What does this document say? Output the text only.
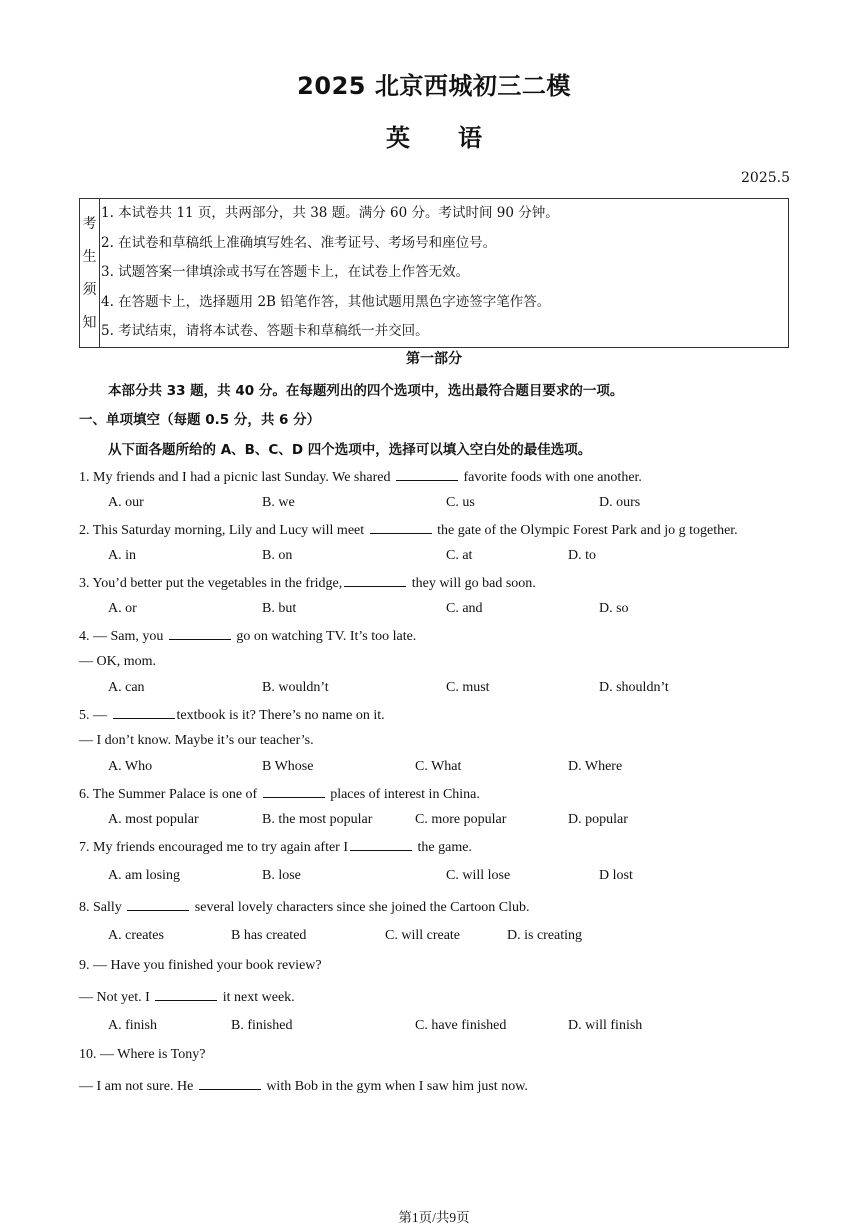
2025 北京西城初三二模
英语
2025.5
考
生
须
知
1. 本试卷共 11 页，共两部分，共 38 题。满分 60 分。考试时间 90 分钟。
2. 在试卷和草稿纸上准确填写姓名、准考证号、考场号和座位号。
3. 试题答案一律填涂或书写在答题卡上，在试卷上作答无效。
4. 在答题卡上，选择题用 2B 铅笔作答，其他试题用黑色字迹签字笔作答。
5. 考试结束，请将本试卷、答题卡和草稿纸一并交回。
第一部分
本部分共 33 题，共 40 分。在每题列出的四个选项中，选出最符合题目要求的一项。
一、单项填空（每题 0.5 分，共 6 分）
从下面各题所给的 A、B、C、D 四个选项中，选择可以填入空白处的最佳选项。
1. My friends and I had a picnic last Sunday. We shared	favorite foods with one another.
A. our	B. we	C. us	D. ours
2. This Saturday morning, Lily and Lucy will meet	the gate of the Olympic Forest Park and jo g together.
A. in	B. on	C. at	D. to
3. You’d better put the vegetables in the fridge,	they will go bad soon.
A. or	B. but	C. and	D. so
4. — Sam, you	go on watching TV. It’s too late.
— OK, mom.
A. can	B. wouldn’t	C. must	D. shouldn’t
5. —	textbook is it? There’s no name on it.
— I don’t know. Maybe it’s our teacher’s.
A. Who	B Whose	C. What	D. Where
6. The Summer Palace is one of	places of interest in China.
A. most popular	B. the most popular	C. more popular	D. popular
7. My friends encouraged me to try again after I	the game.
A. am losing	B. lose	C. will lose	D lost
8. Sally	several lovely characters since she joined the Cartoon Club.
A. creates	B has created	C. will create	D. is creating
9. — Have you finished your book review?
— Not yet. I	it next week.
A. finish	B. finished	C. have finished	D. will finish
10. — Where is Tony?
— I am not sure. He	with Bob in the gym when I saw him just now.
第1页/共9页
